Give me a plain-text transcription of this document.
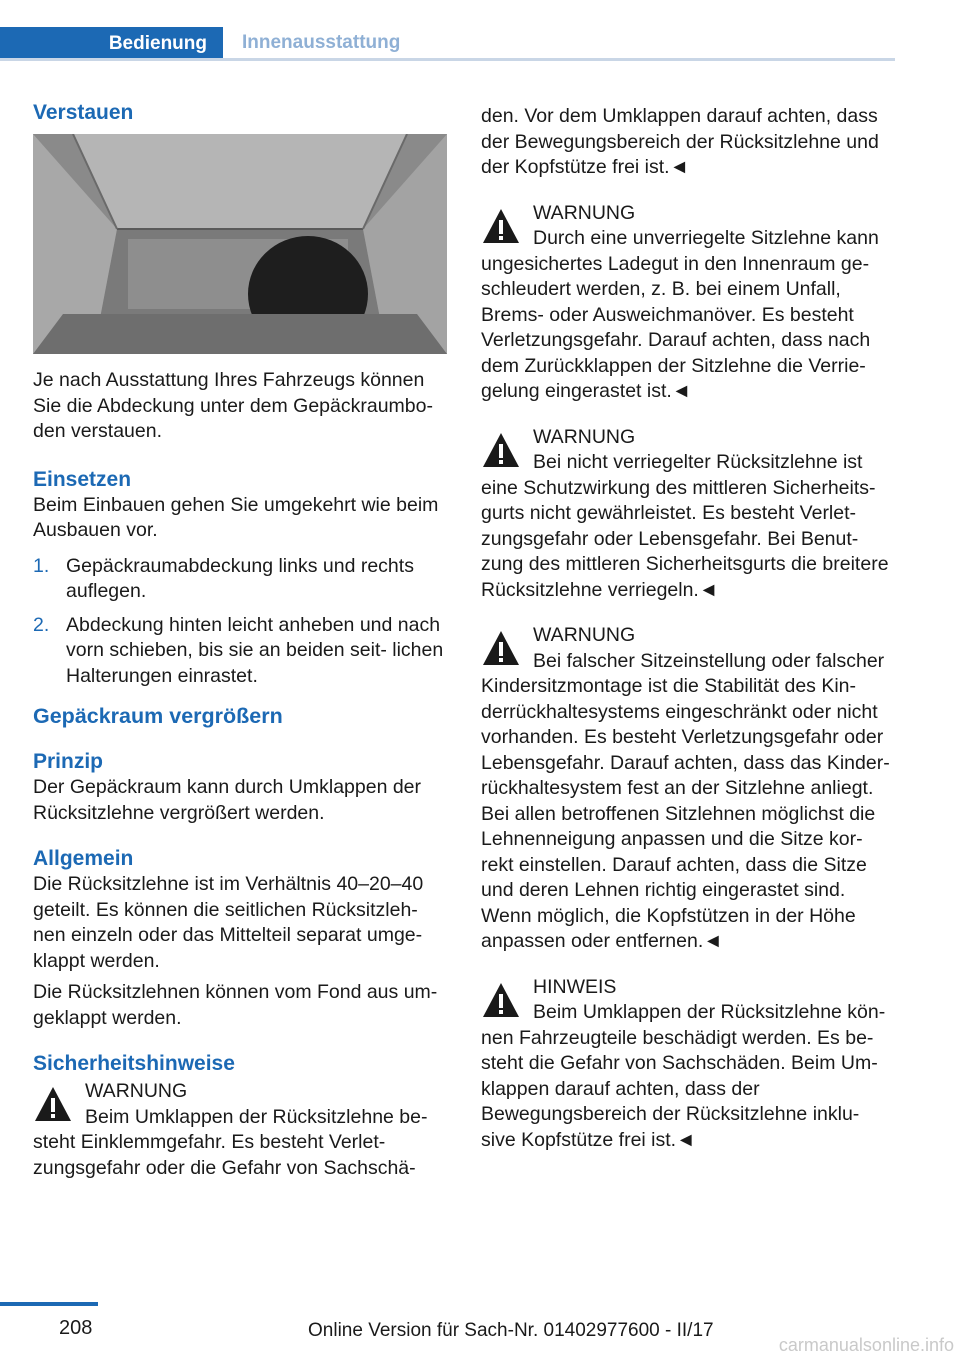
Bedienung	Innenausstattung
Verstauen

Je nach Ausstattung Ihres Fahrzeugs können Sie die Abdeckung unter dem Gepäckraumbo‐ den verstauen.

Einsetzen

Beim Einbauen gehen Sie umgekehrt wie beim Ausbauen vor.

1. Gepäckraumabdeckung links und rechts auflegen.
2. Abdeckung hinten leicht anheben und nach vorn schieben, bis sie an beiden seit‐ lichen Halterungen einrastet.
Gepäckraum vergrößern
Prinzip

Der Gepäckraum kann durch Umklappen der Rücksitzlehne vergrößert werden.

Allgemein

Die Rücksitzlehne ist im Verhältnis 40–20–40 geteilt. Es können die seitlichen Rücksitzleh‐ nen einzeln oder das Mittelteil separat umge‐ klappt werden.

Die Rücksitzlehnen können vom Fond aus um‐ geklappt werden.

Sicherheitshinweise
WARNUNG
Beim Umklappen der Rücksitzlehne be‐
steht Einklemmgefahr. Es besteht Verlet‐ zungsgefahr oder die Gefahr von Sachschä‐

den. Vor dem Umklappen darauf achten, dass der Bewegungsbereich der Rücksitzlehne und der Kopfstütze frei ist.◄

WARNUNG
Durch eine unverriegelte Sitzlehne kann
ungesichertes Ladegut in den Innenraum ge‐ schleudert werden, z. B. bei einem Unfall, Brems- oder Ausweichmanöver. Es besteht Verletzungsgefahr. Darauf achten, dass nach dem Zurückklappen der Sitzlehne die Verrie‐ gelung eingerastet ist.◄
WARNUNG
Bei nicht verriegelter Rücksitzlehne ist
eine Schutzwirkung des mittleren Sicherheits‐ gurts nicht gewährleistet. Es besteht Verlet‐ zungsgefahr oder Lebensgefahr. Bei Benut‐ zung des mittleren Sicherheitsgurts die breitere Rücksitzlehne verriegeln.◄
WARNUNG
Bei falscher Sitzeinstellung oder falscher
Kindersitzmontage ist die Stabilität des Kin‐ derrückhaltesystems eingeschränkt oder nicht vorhanden. Es besteht Verletzungsgefahr oder Lebensgefahr. Darauf achten, dass das Kinder‐ rückhaltesystem fest an der Sitzlehne anliegt. Bei allen betroffenen Sitzlehnen möglichst die Lehnenneigung anpassen und die Sitze kor‐ rekt einstellen. Darauf achten, dass die Sitze und deren Lehnen richtig eingerastet sind. Wenn möglich, die Kopfstützen in der Höhe anpassen oder entfernen.◄
HINWEIS
Beim Umklappen der Rücksitzlehne kön‐
nen Fahrzeugteile beschädigt werden. Es be‐ steht die Gefahr von Sachschäden. Beim Um‐ klappen darauf achten, dass der Bewegungsbereich der Rücksitzlehne inklu‐ sive Kopfstütze frei ist.◄
208	Online Version für Sach-Nr. 01402977600 - II/17
carmanualsonline.info
